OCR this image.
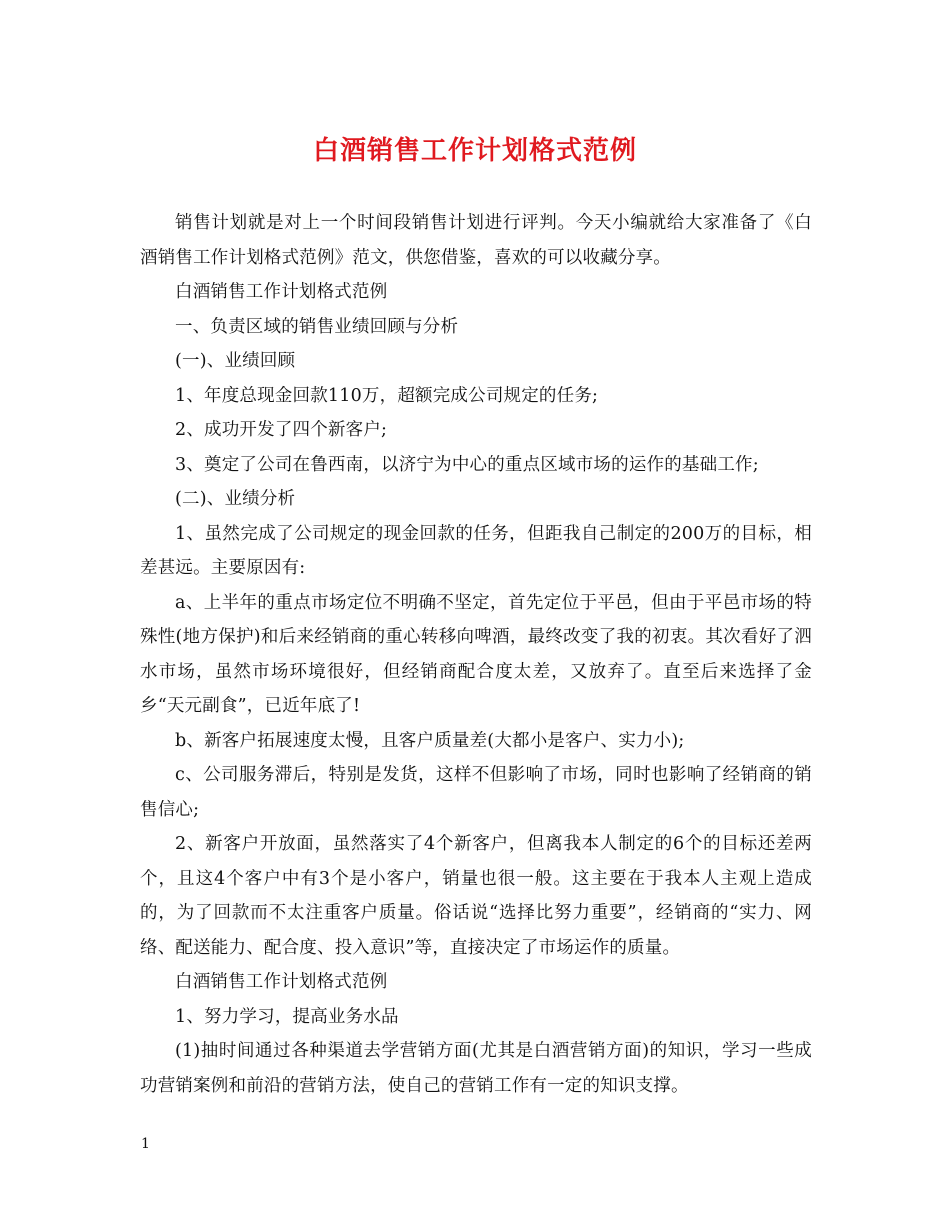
白酒销售工作计划格式范例

销售计划就是对上一个时间段销售计划进行评判。今天小编就给大家准备了《白酒销售工作计划格式范例》范文，供您借鉴，喜欢的可以收藏分享。

白酒销售工作计划格式范例

一、负责区域的销售业绩回顾与分析

(一)、业绩回顾

1、年度总现金回款110万，超额完成公司规定的任务;

2、成功开发了四个新客户;

3、奠定了公司在鲁西南，以济宁为中心的重点区域市场的运作的基础工作;

(二)、业绩分析

1、虽然完成了公司规定的现金回款的任务，但距我自己制定的200万的目标，相差甚远。主要原因有:

a、上半年的重点市场定位不明确不坚定，首先定位于平邑，但由于平邑市场的特殊性(地方保护)和后来经销商的重心转移向啤酒，最终改变了我的初衷。其次看好了泗水市场，虽然市场环境很好，但经销商配合度太差，又放弃了。直至后来选择了金乡“天元副食”，已近年底了!

b、新客户拓展速度太慢，且客户质量差(大都小是客户、实力小);

c、公司服务滞后，特别是发货，这样不但影响了市场，同时也影响了经销商的销售信心;

2、新客户开放面，虽然落实了4个新客户，但离我本人制定的6个的目标还差两个，且这4个客户中有3个是小客户，销量也很一般。这主要在于我本人主观上造成的，为了回款而不太注重客户质量。俗话说“选择比努力重要”，经销商的“实力、网络、配送能力、配合度、投入意识”等，直接决定了市场运作的质量。

白酒销售工作计划格式范例

1、努力学习，提高业务水品

(1)抽时间通过各种渠道去学营销方面(尤其是白酒营销方面)的知识，学习一些成功营销案例和前沿的营销方法，使自己的营销工作有一定的知识支撑。

1
